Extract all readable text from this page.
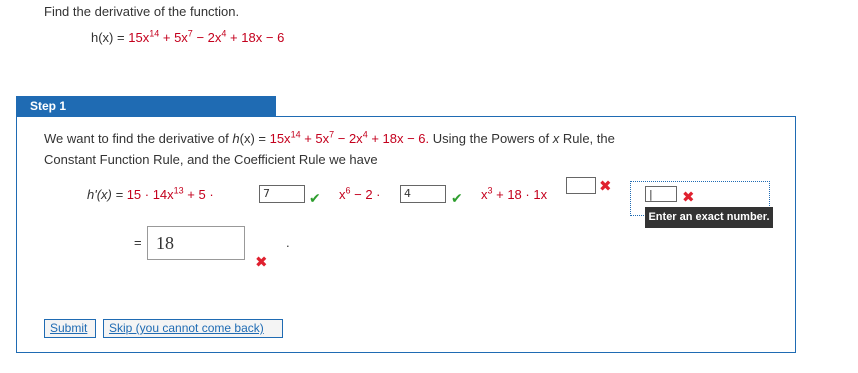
Find the derivative of the function.
$h(x) = 15x^{14} + 5x^7 - 2x^4 + 18x - 6$
Step 1
We want to find the derivative of $h(x) = 15x^{14} + 5x^7 - 2x^4 + 18x - 6$. Using the Powers of x Rule, the
Constant Function Rule, and the Coefficient Rule we have
$h'(x) = 15 \cdot 14x^{13} + 5$ ·	7	✔ $x^6 - 2$ ·	4	✔ $x^3 + 18 \cdot 1x$	✖	|	✖
Enter an exact number.
= 18
✖
.
Submit	Skip (you cannot come back)
